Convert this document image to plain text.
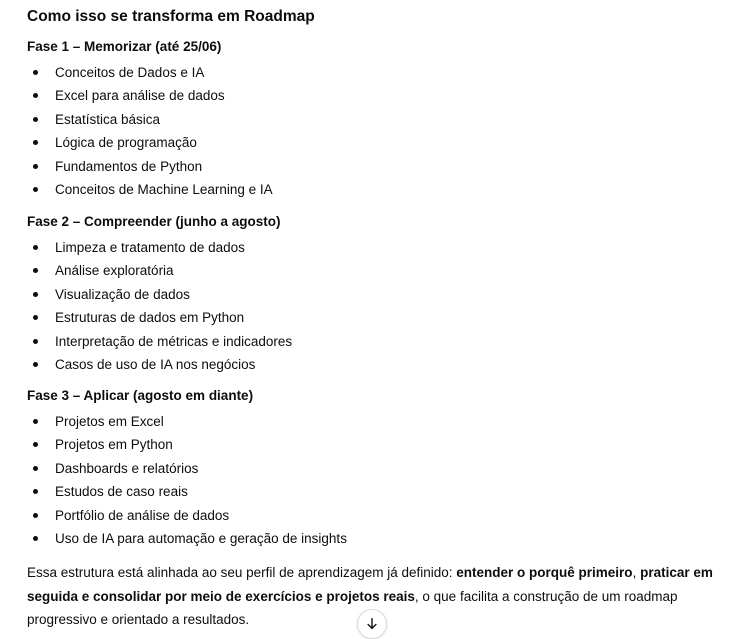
Como isso se transforma em Roadmap
Fase 1 – Memorizar (até 25/06)
Conceitos de Dados e IA
Excel para análise de dados
Estatística básica
Lógica de programação
Fundamentos de Python
Conceitos de Machine Learning e IA
Fase 2 – Compreender (junho a agosto)
Limpeza e tratamento de dados
Análise exploratória
Visualização de dados
Estruturas de dados em Python
Interpretação de métricas e indicadores
Casos de uso de IA nos negócios
Fase 3 – Aplicar (agosto em diante)
Projetos em Excel
Projetos em Python
Dashboards e relatórios
Estudos de caso reais
Portfólio de análise de dados
Uso de IA para automação e geração de insights

Essa estrutura está alinhada ao seu perfil de aprendizagem já definido: entender o porquê primeiro, praticar em seguida e consolidar por meio de exercícios e projetos reais, o que facilita a construção de um roadmap progressivo e orientado a resultados.
